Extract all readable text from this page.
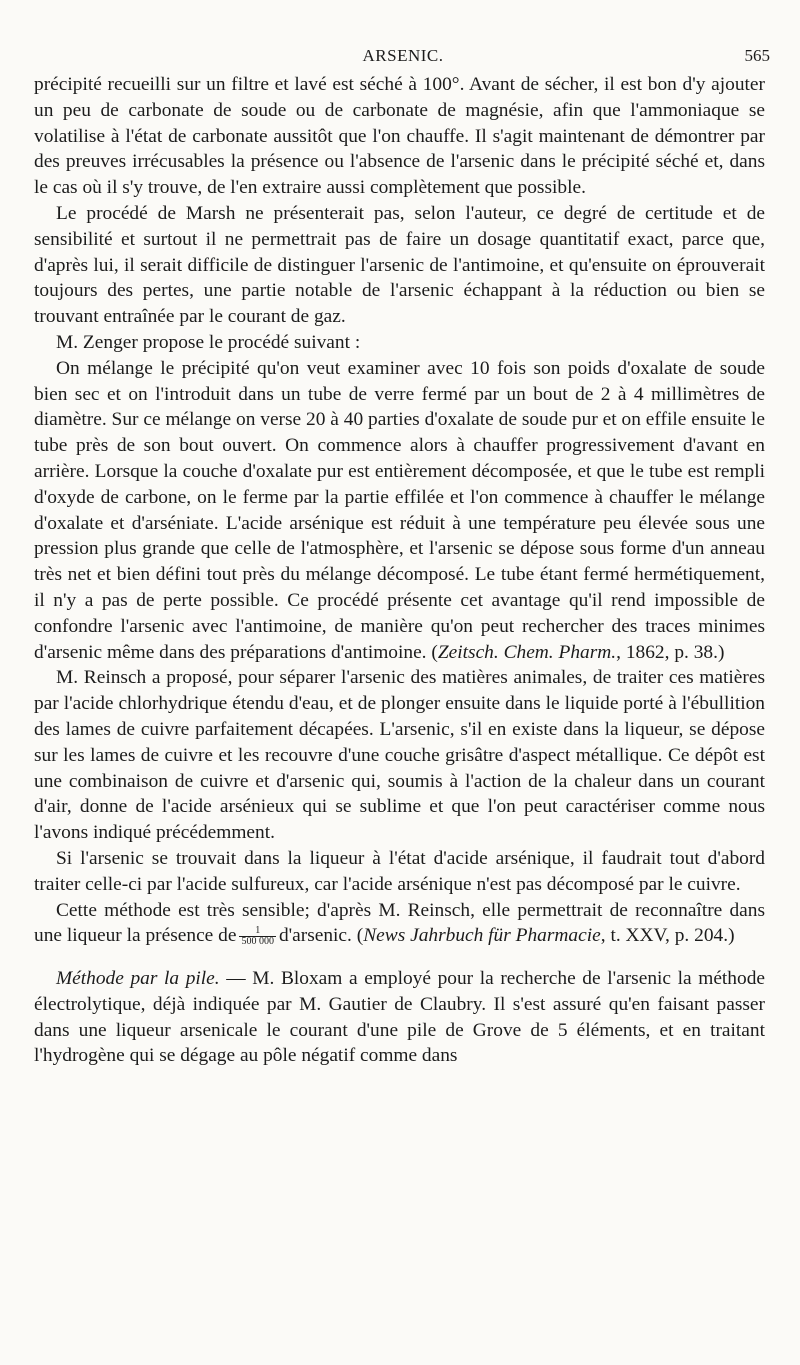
ARSENIC.	565

précipité recueilli sur un filtre et lavé est séché à 100°. Avant de sécher, il est bon d'y ajouter un peu de carbonate de soude ou de carbonate de magnésie, afin que l'ammoniaque se volatilise à l'état de carbonate aussitôt que l'on chauffe. Il s'agit maintenant de démontrer par des preuves irrécusables la présence ou l'absence de l'arsenic dans le précipité séché et, dans le cas où il s'y trouve, de l'en extraire aussi complètement que possible.

Le procédé de Marsh ne présenterait pas, selon l'auteur, ce degré de certitude et de sensibilité et surtout il ne permettrait pas de faire un dosage quantitatif exact, parce que, d'après lui, il serait difficile de distinguer l'arsenic de l'antimoine, et qu'ensuite on éprouverait toujours des pertes, une partie notable de l'arsenic échappant à la réduction ou bien se trouvant entraînée par le courant de gaz.

M. Zenger propose le procédé suivant :

On mélange le précipité qu'on veut examiner avec 10 fois son poids d'oxalate de soude bien sec et on l'introduit dans un tube de verre fermé par un bout de 2 à 4 millimètres de diamètre. Sur ce mélange on verse 20 à 40 parties d'oxalate de soude pur et on effile ensuite le tube près de son bout ouvert. On commence alors à chauffer progressivement d'avant en arrière. Lorsque la couche d'oxalate pur est entièrement décomposée, et que le tube est rempli d'oxyde de carbone, on le ferme par la partie effilée et l'on commence à chauffer le mélange d'oxalate et d'arséniate. L'acide arsénique est réduit à une température peu élevée sous une pression plus grande que celle de l'atmosphère, et l'arsenic se dépose sous forme d'un anneau très net et bien défini tout près du mélange décomposé. Le tube étant fermé hermétiquement, il n'y a pas de perte possible. Ce procédé présente cet avantage qu'il rend impossible de confondre l'arsenic avec l'antimoine, de manière qu'on peut rechercher des traces minimes d'arsenic même dans des préparations d'antimoine. (Zeitsch. Chem. Pharm., 1862, p. 38.)

M. Reinsch a proposé, pour séparer l'arsenic des matières animales, de traiter ces matières par l'acide chlorhydrique étendu d'eau, et de plonger ensuite dans le liquide porté à l'ébullition des lames de cuivre parfaitement décapées. L'arsenic, s'il en existe dans la liqueur, se dépose sur les lames de cuivre et les recouvre d'une couche grisâtre d'aspect métallique. Ce dépôt est une combinaison de cuivre et d'arsenic qui, soumis à l'action de la chaleur dans un courant d'air, donne de l'acide arsénieux qui se sublime et que l'on peut caractériser comme nous l'avons indiqué précédemment.

Si l'arsenic se trouvait dans la liqueur à l'état d'acide arsénique, il faudrait tout d'abord traiter celle-ci par l'acide sulfureux, car l'acide arsénique n'est pas décomposé par le cuivre.

Cette méthode est très sensible; d'après M. Reinsch, elle permettrait de reconnaître dans une liqueur la présence de $\frac{1}{500 000}$ d'arsenic. (News Jahrbuch für Pharmacie, t. XXV, p. 204.)

Méthode par la pile. — M. Bloxam a employé pour la recherche de l'arsenic la méthode électrolytique, déjà indiquée par M. Gautier de Claubry. Il s'est assuré qu'en faisant passer dans une liqueur arsenicale le courant d'une pile de Grove de 5 éléments, et en traitant l'hydrogène qui se dégage au pôle négatif comme dans
